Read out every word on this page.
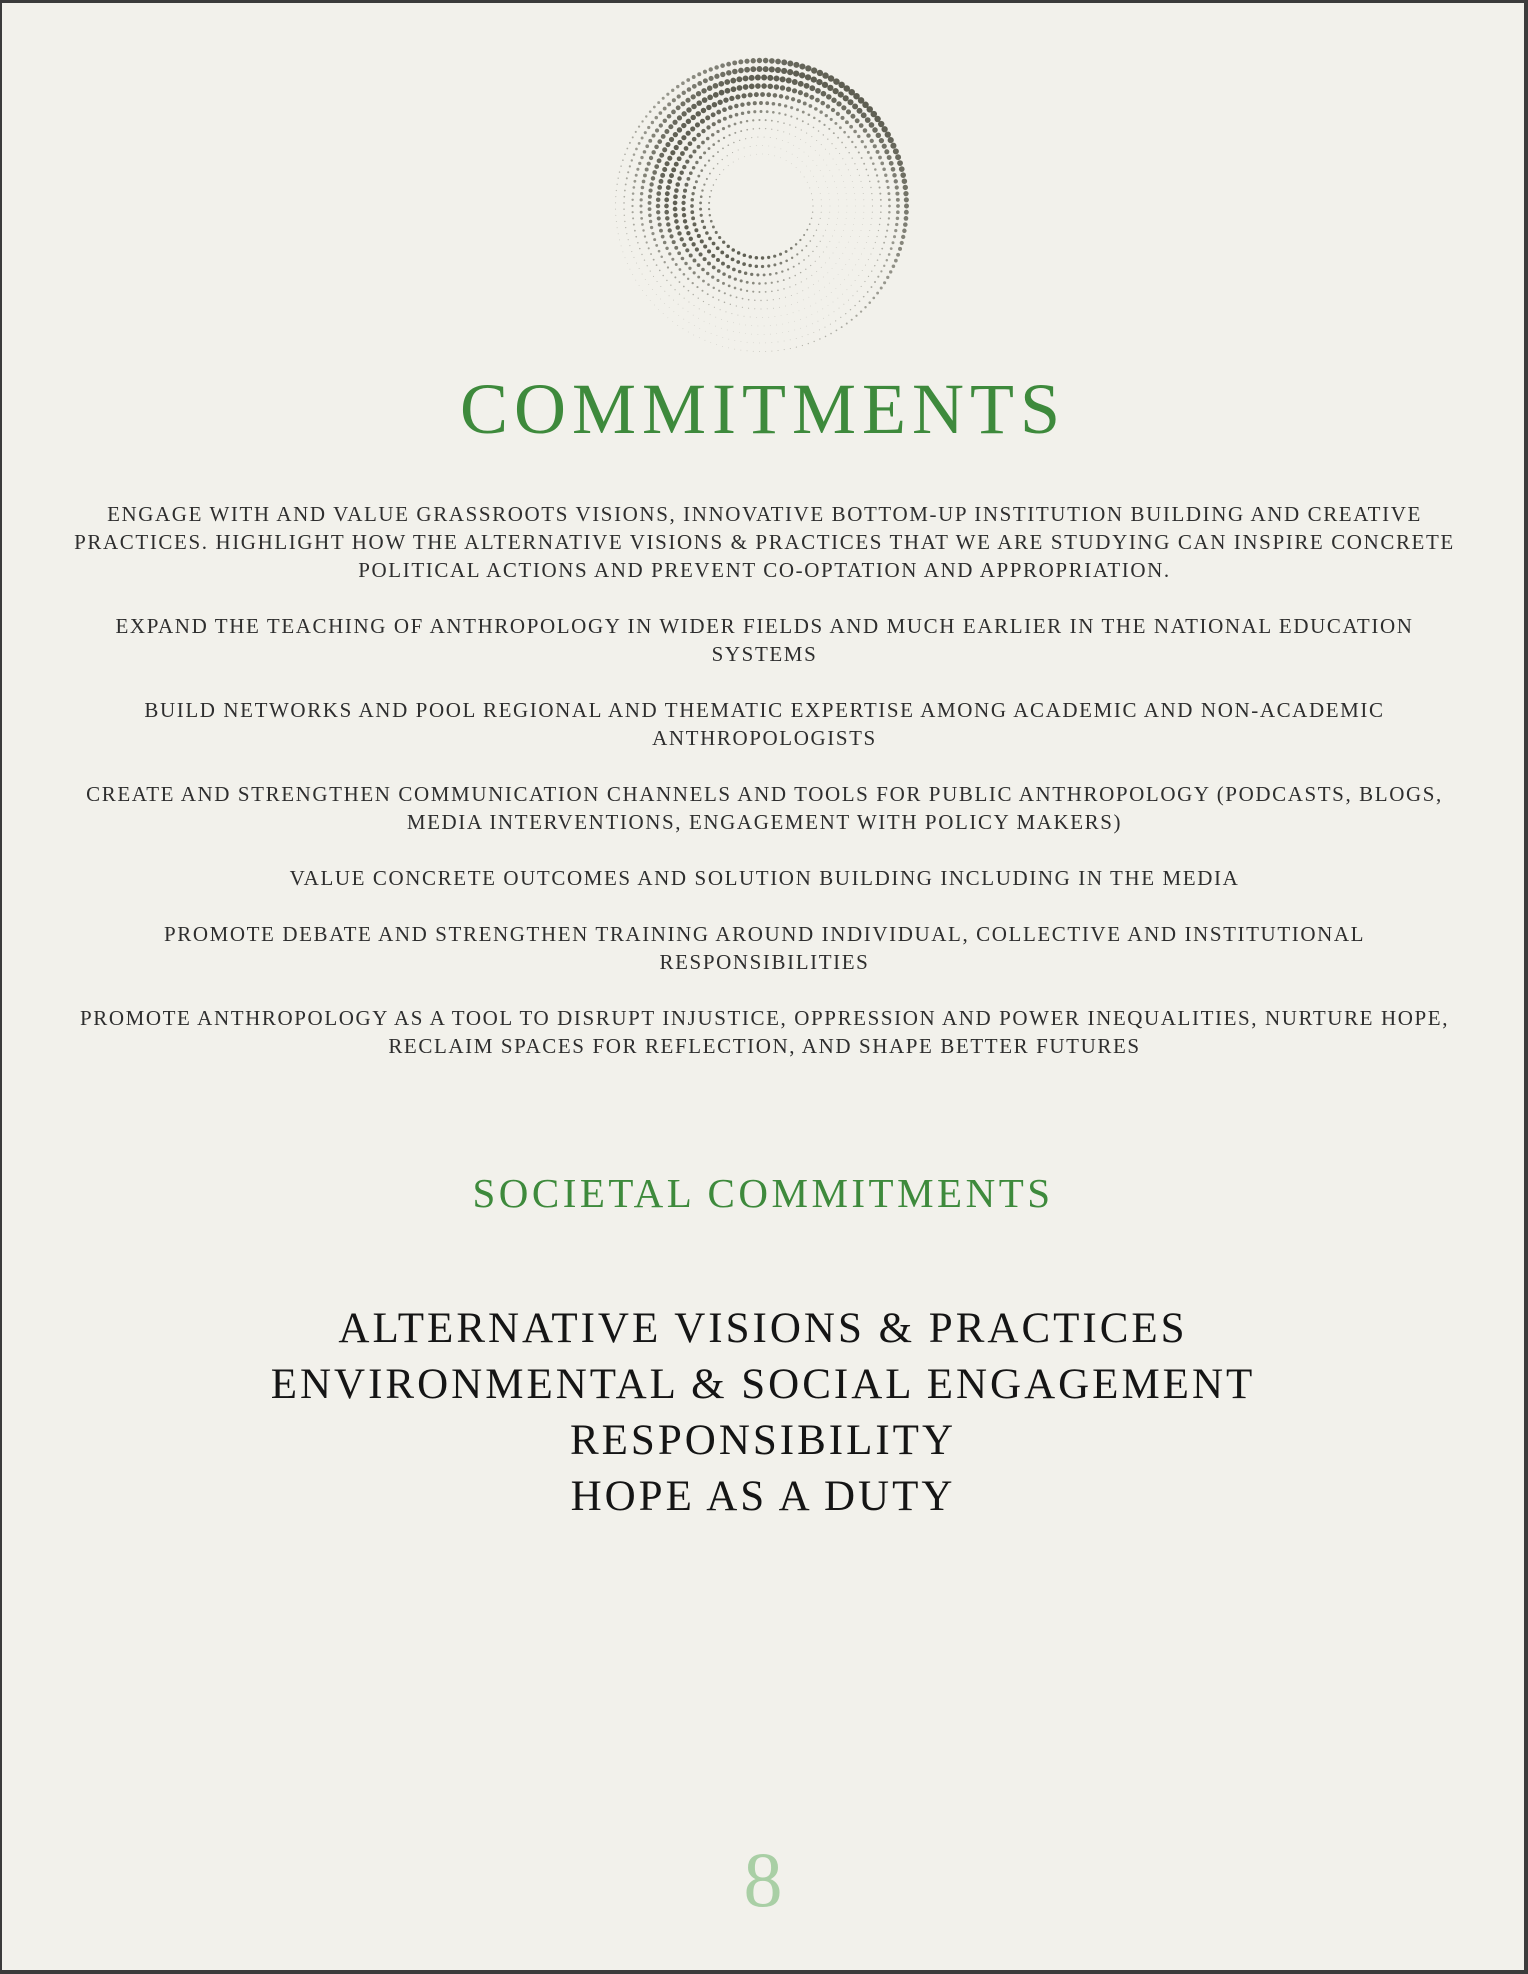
COMMITMENTS
ENGAGE WITH AND VALUE GRASSROOTS VISIONS, INNOVATIVE BOTTOM-UP INSTITUTION BUILDING AND CREATIVE PRACTICES. HIGHLIGHT HOW THE ALTERNATIVE VISIONS & PRACTICES THAT WE ARE STUDYING CAN INSPIRE CONCRETE POLITICAL ACTIONS AND PREVENT CO-OPTATION AND APPROPRIATION.
EXPAND THE TEACHING OF ANTHROPOLOGY IN WIDER FIELDS AND MUCH EARLIER IN THE NATIONAL EDUCATION SYSTEMS
BUILD NETWORKS AND POOL REGIONAL AND THEMATIC EXPERTISE AMONG ACADEMIC AND NON-ACADEMIC ANTHROPOLOGISTS
CREATE AND STRENGTHEN COMMUNICATION CHANNELS AND TOOLS FOR PUBLIC ANTHROPOLOGY (PODCASTS, BLOGS, MEDIA INTERVENTIONS, ENGAGEMENT WITH POLICY MAKERS)
VALUE CONCRETE OUTCOMES AND SOLUTION BUILDING INCLUDING IN THE MEDIA
PROMOTE DEBATE AND STRENGTHEN TRAINING AROUND INDIVIDUAL, COLLECTIVE AND INSTITUTIONAL RESPONSIBILITIES
PROMOTE ANTHROPOLOGY AS A TOOL TO DISRUPT INJUSTICE, OPPRESSION AND POWER INEQUALITIES, NURTURE HOPE, RECLAIM SPACES FOR REFLECTION, AND SHAPE BETTER FUTURES
SOCIETAL COMMITMENTS
ALTERNATIVE VISIONS & PRACTICES
ENVIRONMENTAL & SOCIAL ENGAGEMENT
RESPONSIBILITY
HOPE AS A DUTY
8
